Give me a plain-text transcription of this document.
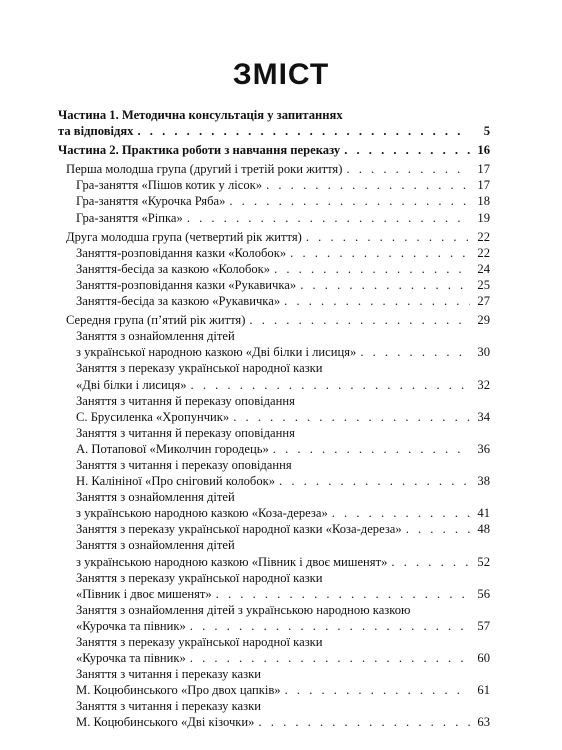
ЗМІСТ
Частина 1. Методична консультація у запитаннях
та відповідях . . .	5
Частина 2. Практика роботи з навчання переказу . . .	16
Перша молодша група (другий і третій роки життя) . . .	17
Гра-заняття «Пішов котик у лісок» . . .	17
Гра-заняття «Курочка Ряба» . . .	18
Гра-заняття «Ріпка» . . .	19
Друга молодша група (четвертий рік життя) . . .	22
Заняття-розповідання казки «Колобок» . . .	22
Заняття-бесіда за казкою «Колобок» . . .	24
Заняття-розповідання казки «Рукавичка» . . .	25
Заняття-бесіда за казкою «Рукавичка» . . .	27
Середня група (п’ятий рік життя) . . .	29
Заняття з ознайомлення дітей
з української народною казкою «Дві білки і лисиця» . . .	30
Заняття з переказу української народної казки
«Дві білки і лисиця» . . .	32
Заняття з читання й переказу оповідання
С. Брусиленка «Хропунчик» . . .	34
Заняття з читання й переказу оповідання
А. Потапової «Миколчин городець» . . .	36
Заняття з читання і переказу оповідання
Н. Калініної «Про сніговий колобок» . . .	38
Заняття з ознайомлення дітей
з українською народною казкою «Коза-дереза» . . .	41
Заняття з переказу української народної казки «Коза-дереза» . . .	48
Заняття з ознайомлення дітей
з українською народною казкою «Півник і двоє мишенят» . . .	52
Заняття з переказу української народної казки
«Півник і двоє мишенят» . . .	56
Заняття з ознайомлення дітей з українською народною казкою
«Курочка та півник» . . .	57
Заняття з переказу української народної казки
«Курочка та півник» . . .	60
Заняття з читання і переказу казки
М. Коцюбинського «Про двох цапків» . . .	61
Заняття з читання і переказу казки
М. Коцюбинського «Дві кізочки» . . .	63
